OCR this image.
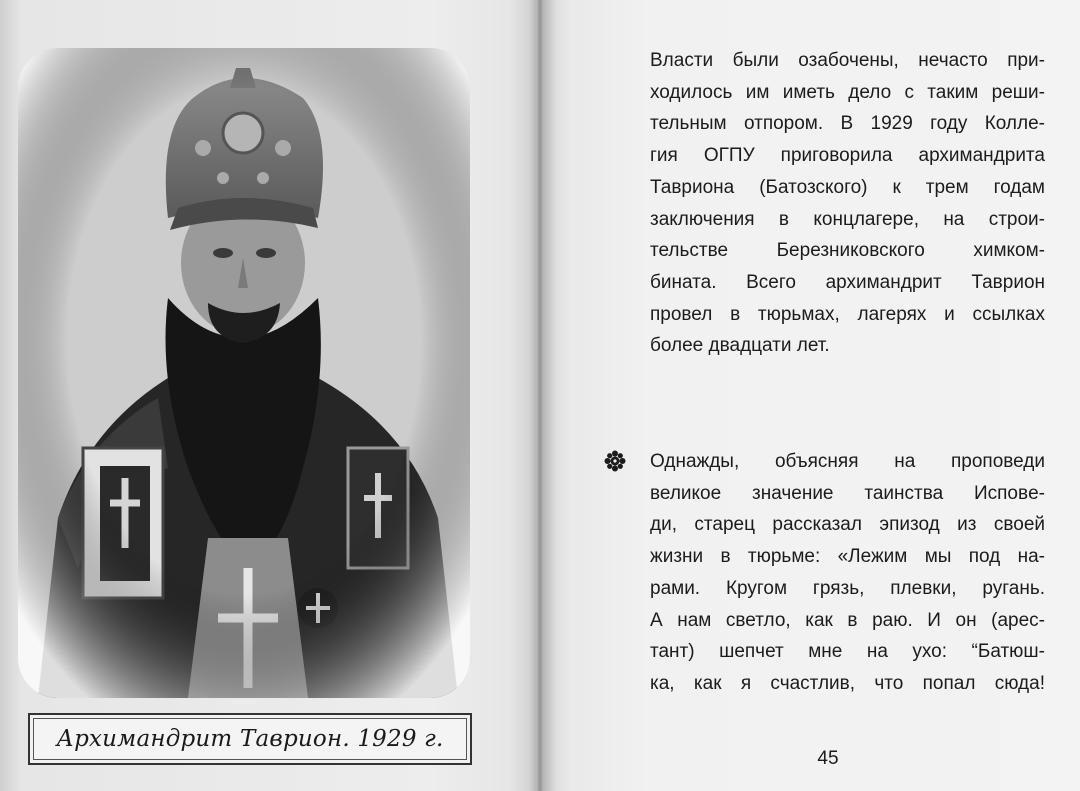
Архимандрит Таврион. 1929 г.
Власти были озабочены, нечасто при-
ходилось им иметь дело с таким реши-
тельным отпором. В 1929 году Колле-
гия ОГПУ приговорила архимандрита
Тавриона (Батозского) к трем годам
заключения в концлагере, на строи-
тельстве Березниковского химком-
бината. Всего архимандрит Таврион
провел в тюрьмах, лагерях и ссылках
более двадцати лет.
Однажды, объясняя на проповеди
великое значение таинства Исповe-
ди, старец рассказал эпизод из своей
жизни в тюрьме: «Лежим мы под на-
рами. Кругом грязь, плевки, ругань.
А нам светло, как в раю. И он (арес-
тант) шепчет мне на ухо: “Батюш-
ка, как я счастлив, что попал сюда!
45
